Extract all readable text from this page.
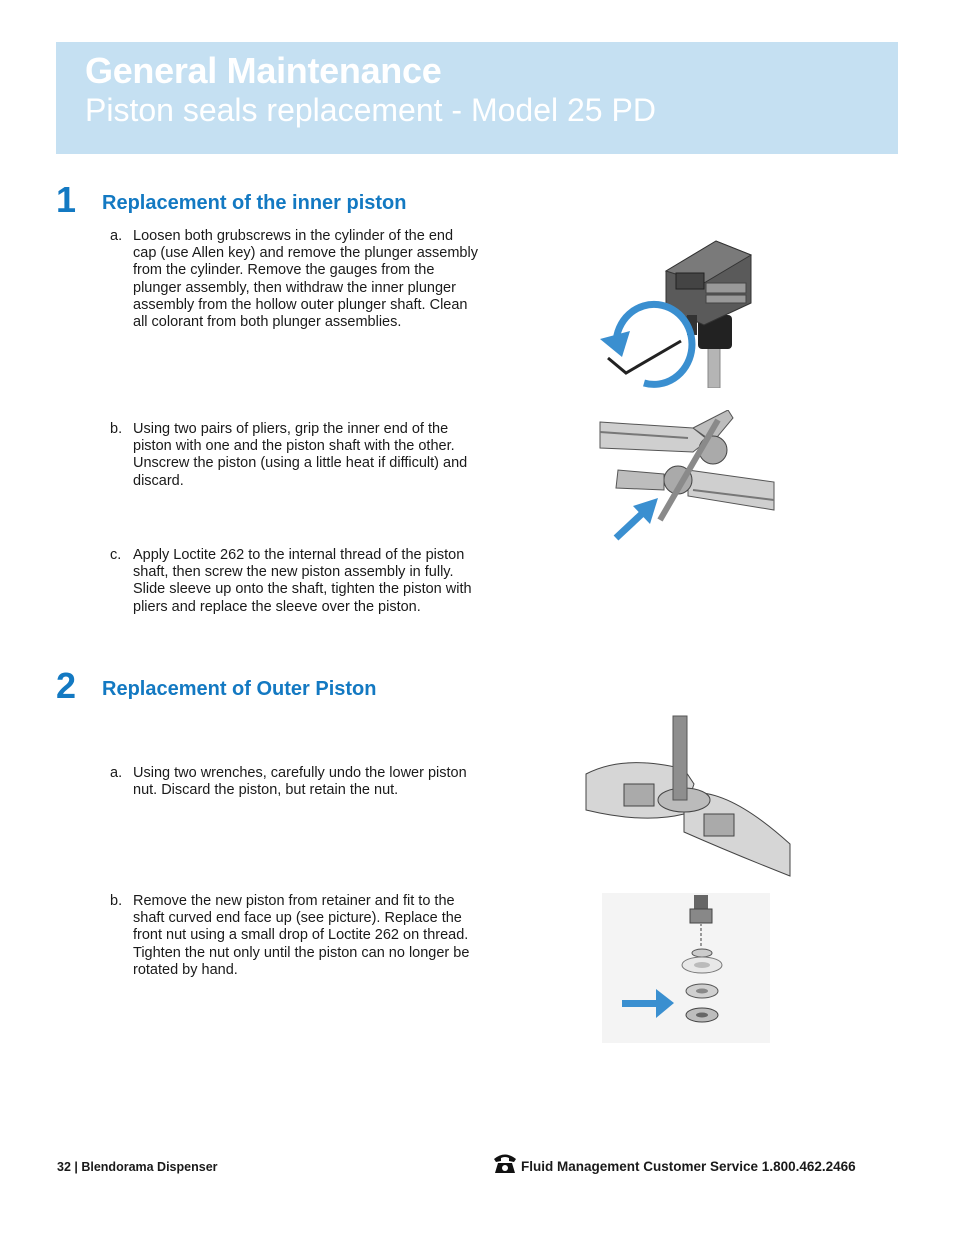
General Maintenance
Piston seals replacement - Model 25 PD
1 Replacement of the inner piston
a. Loosen both grubscrews in the cylinder of the end cap (use Allen key) and remove the plunger assembly from the cylinder. Remove the gauges from the plunger assembly, then withdraw the inner plunger assembly from the hollow outer plunger shaft. Clean all colorant from both plunger assemblies.
b. Using two pairs of pliers, grip the inner end of the piston with one and the piston shaft with the other. Unscrew the piston (using a little heat if difficult) and discard.
c. Apply Loctite 262 to the internal thread of the piston shaft, then screw the new piston assembly in fully. Slide sleeve up onto the shaft, tighten the piston with pliers and replace the sleeve over the piston.
2 Replacement of Outer Piston
a. Using two wrenches, carefully undo the lower piston nut. Discard the piston, but retain the nut.
b. Remove the new piston from retainer and fit to the shaft curved end face up (see picture). Replace the front nut using a small drop of Loctite 262 on thread. Tighten the nut only until the piston can no longer be rotated by hand.
32 | Blendorama Dispenser	Fluid Management Customer Service 1.800.462.2466
